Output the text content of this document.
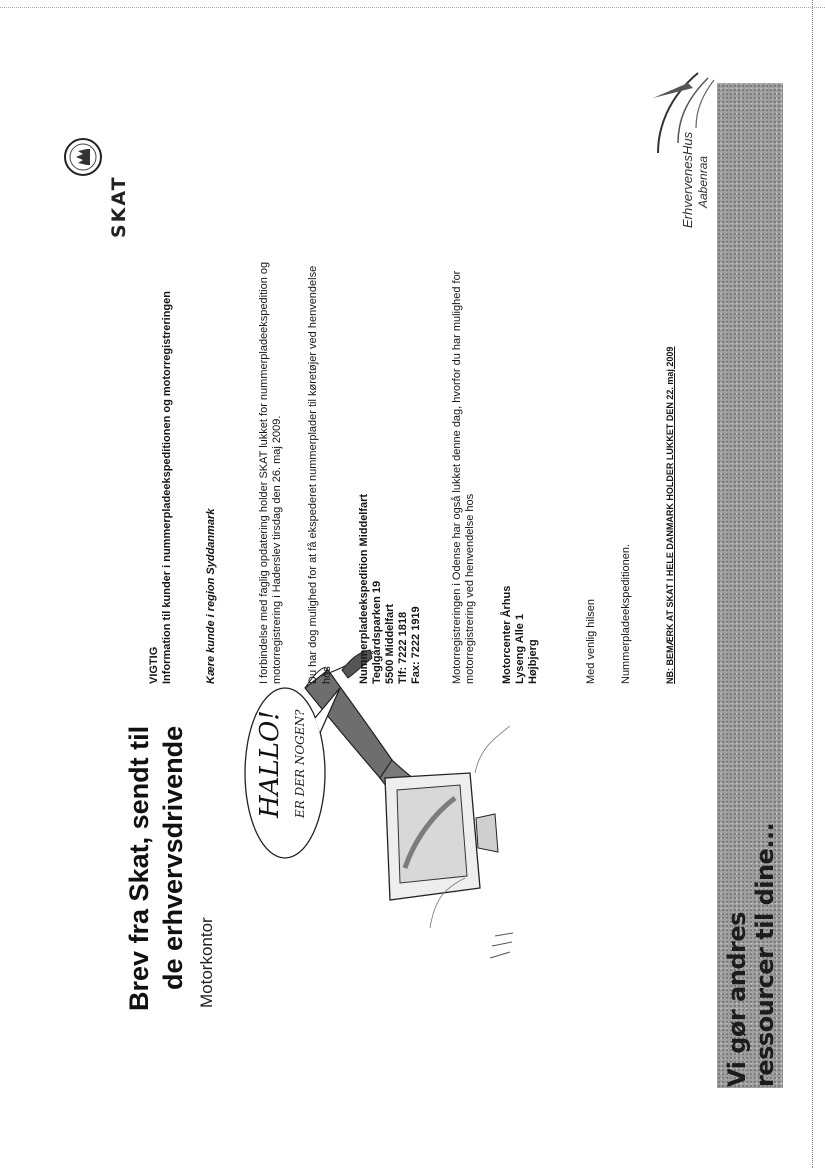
Brev fra Skat, sendt til de erhvervsdrivende Motorkontor
HALLO! ER DER NOGEN?
VIGTIG Information til kunder i nummerpladeekspeditionen og motorregistreringen	Kære kunde i region Syddanmark	I forbindelse med faglig opdatering holder SKAT lukket for nummerpladeekspedition og motorregistrering i Haderslev tirsdag den 26. maj 2009. Du har dog mulighed for at få ekspederet nummerplader til køretøjer ved henvendelse hos Nummerpladeekspedition Middelfart Teglgårdsparken 19 5500 Middelfart Tlf: 7222 1818 Fax: 7222 1919	Motorregistreringen i Odense har også lukket denne dag, hvorfor du har mulighed for motorregistrering ved henvendelse hos Motorcenter Århus Lyseng Alle 1 Højbjerg	Med venlig hilsen Nummerpladeekspeditionen.	NB: BEMÆRK AT SKAT I HELE DANMARK HOLDER LUKKET DEN 22. maj 2009
SKAT	ErhvervenesHus Aabenraa
Vi gør andres ressourcer til dine...
